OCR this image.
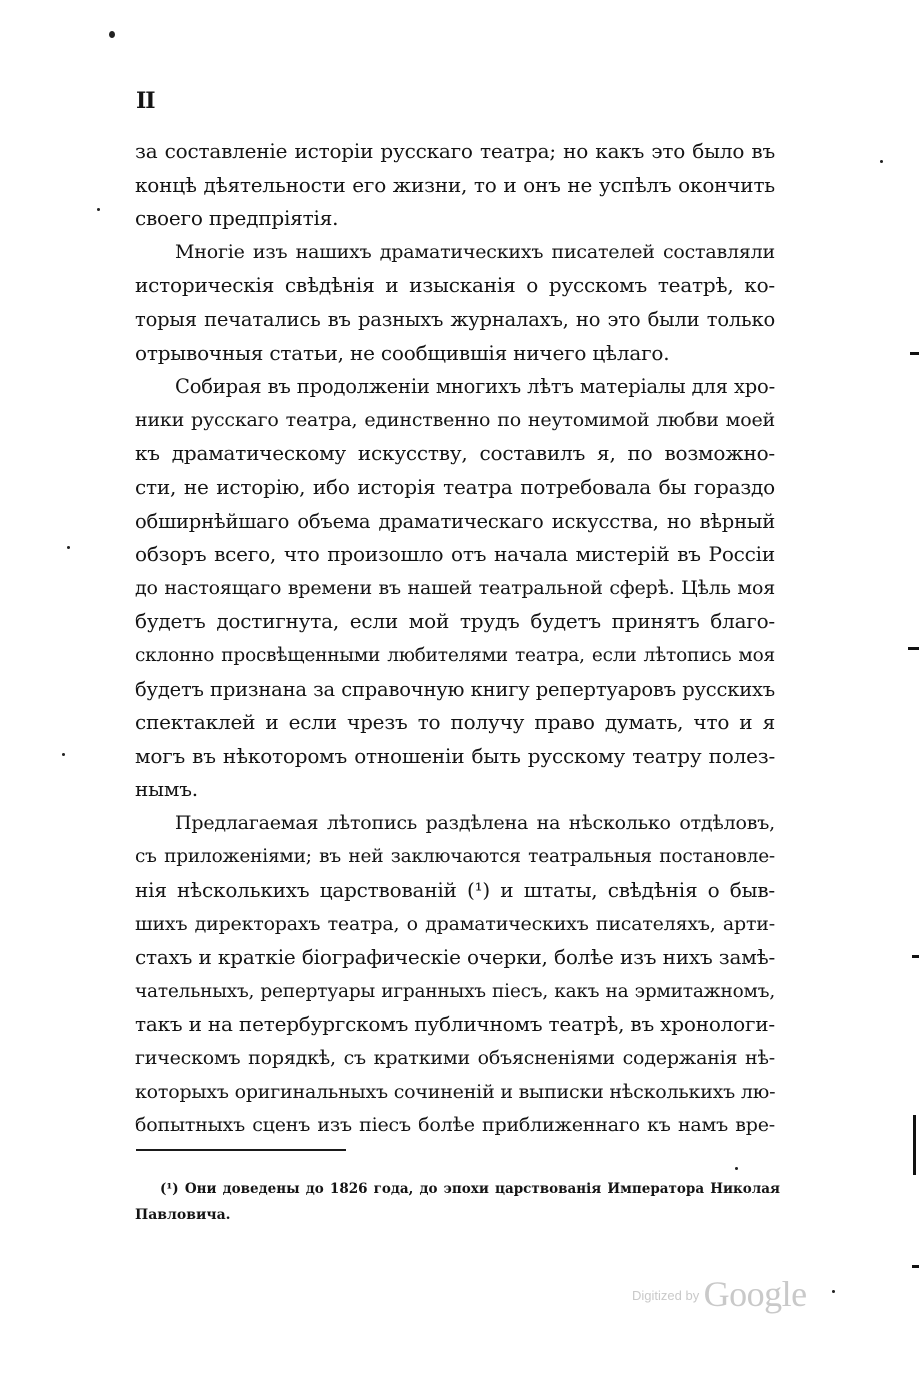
II
за составленіе исторіи русскаго театра; но какъ это было въ
концѣ дѣятельности его жизни, то и онъ не успѣлъ окончить
своего предпріятія.
Многіе изъ нашихъ драматическихъ писателей составляли
историческія свѣдѣнія и изысканія о русскомъ театрѣ, ко-
торыя печатались въ разныхъ журналахъ, но это были только
отрывочныя статьи, не сообщившія ничего цѣлаго.
Собирая въ продолженіи многихъ лѣтъ матеріалы для хро-
ники русскаго театра, единственно по неутомимой любви моей
къ драматическому искусству, составилъ я, по возможно-
сти, не исторію, ибо исторія театра потребовала бы гораздо
обширнѣйшаго объема драматическаго искусства, но вѣрный
обзоръ всего, что произошло отъ начала мистерій въ Россіи
до настоящаго времени въ нашей театральной сферѣ. Цѣль моя
будетъ достигнута, если мой трудъ будетъ принятъ благо-
склонно просвѣщенными любителями театра, если лѣтопись моя
будетъ признана за справочную книгу репертуаровъ русскихъ
спектаклей и если чрезъ то получу право думать, что и я
могъ въ нѣкоторомъ отношеніи быть русскому театру полез-
нымъ.
Предлагаемая лѣтопись раздѣлена на нѣсколько отдѣловъ,
съ приложеніями; въ ней заключаются театральныя постановле-
нія нѣсколькихъ царствованій (¹) и штаты, свѣдѣнія о быв-
шихъ директорахъ театра, о драматическихъ писателяхъ, арти-
стахъ и краткіе біографическіе очерки, болѣе изъ нихъ замѣ-
чательныхъ, репертуары игранныхъ піесъ, какъ на эрмитажномъ,
такъ и на петербургскомъ публичномъ театрѣ, въ хронологи-
гическомъ порядкѣ, съ краткими объясненіями содержанія нѣ-
которыхъ оригинальныхъ сочиненій и выписки нѣсколькихъ лю-
бопытныхъ сценъ изъ піесъ болѣе приближеннаго къ намъ вре-
(¹) Они доведены до 1826 года, до эпохи царствованія Императора Николая
Павловича.
$^{Digitized by}$ Google
